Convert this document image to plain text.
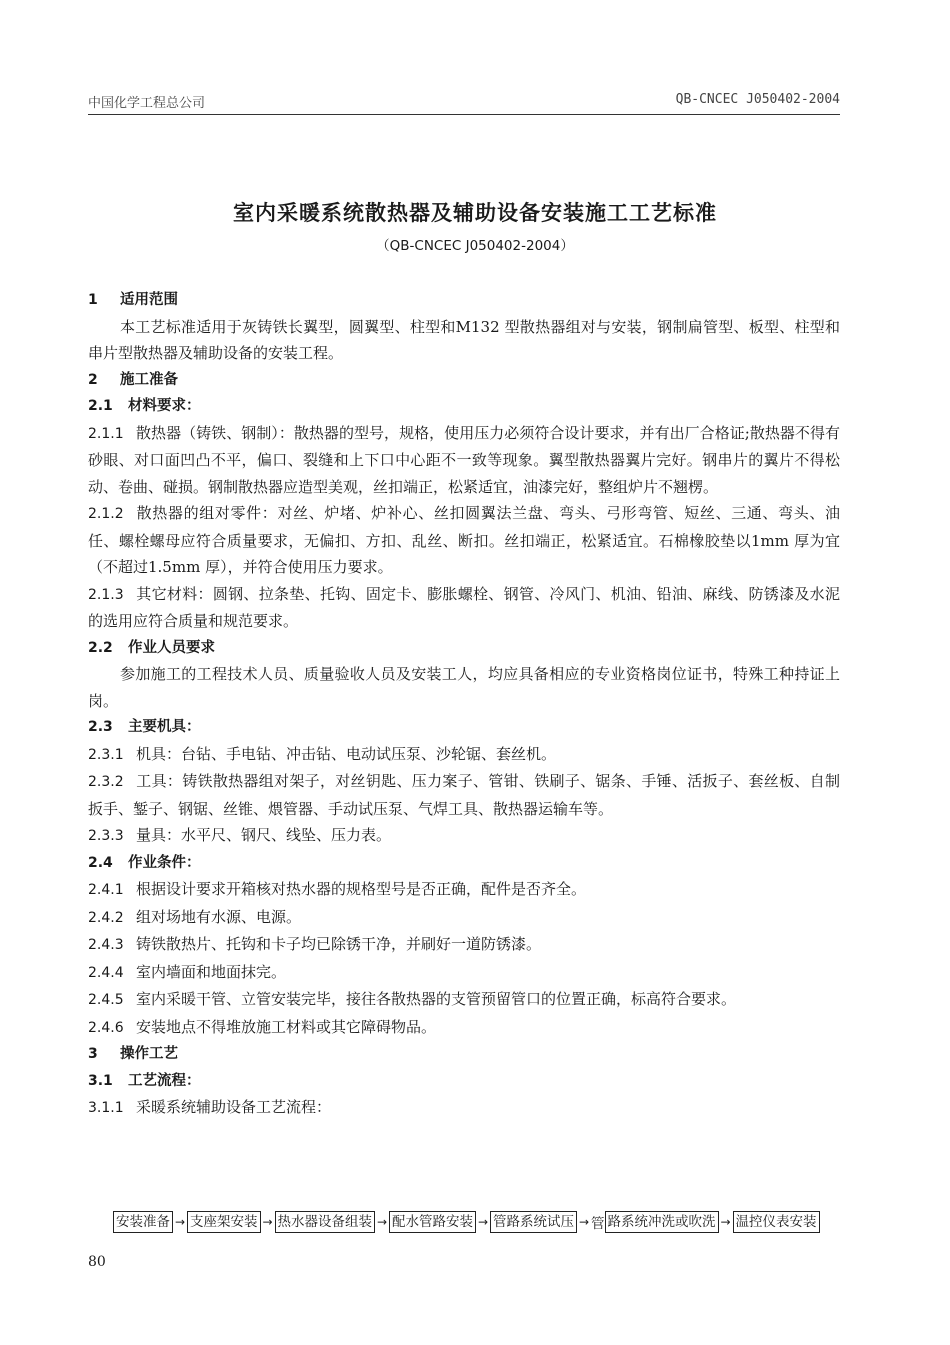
中国化学工程总公司	QB-CNCEC J050402-2004
室内采暖系统散热器及辅助设备安装施工工艺标准
（QB-CNCEC J050402-2004）

1 适用范围

本工艺标准适用于灰铸铁长翼型，圆翼型、柱型和M132 型散热器组对与安装，钢制扁管型、板型、柱型和串片型散热器及辅助设备的安装工程。

2 施工准备

2.1 材料要求：

2.1.1 散热器（铸铁、钢制）：散热器的型号，规格，使用压力必须符合设计要求，并有出厂合格证;散热器不得有砂眼、对口面凹凸不平，偏口、裂缝和上下口中心距不一致等现象。翼型散热器翼片完好。钢串片的翼片不得松动、卷曲、碰损。钢制散热器应造型美观，丝扣端正，松紧适宜，油漆完好，整组炉片不翘楞。

2.1.2 散热器的组对零件：对丝、炉堵、炉补心、丝扣圆翼法兰盘、弯头、弓形弯管、短丝、三通、弯头、油任、螺栓螺母应符合质量要求，无偏扣、方扣、乱丝、断扣。丝扣端正，松紧适宜。石棉橡胶垫以1mm 厚为宜（不超过1.5mm 厚），并符合使用压力要求。

2.1.3 其它材料：圆钢、拉条垫、托钩、固定卡、膨胀螺栓、钢管、冷风门、机油、铅油、麻线、防锈漆及水泥的选用应符合质量和规范要求。

2.2 作业人员要求

参加施工的工程技术人员、质量验收人员及安装工人，均应具备相应的专业资格岗位证书，特殊工种持证上岗。

2.3 主要机具：

2.3.1 机具：台钻、手电钻、冲击钻、电动试压泵、沙轮锯、套丝机。

2.3.2 工具：铸铁散热器组对架子，对丝钥匙、压力案子、管钳、铁刷子、锯条、手锤、活扳子、套丝板、自制扳手、錾子、钢锯、丝锥、煨管器、手动试压泵、气焊工具、散热器运输车等。

2.3.3 量具：水平尺、钢尺、线坠、压力表。

2.4 作业条件：

2.4.1 根据设计要求开箱核对热水器的规格型号是否正确，配件是否齐全。

2.4.2 组对场地有水源、电源。

2.4.3 铸铁散热片、托钩和卡子均已除锈干净，并刷好一道防锈漆。

2.4.4 室内墙面和地面抹完。

2.4.5 室内采暖干管、立管安装完毕，接往各散热器的支管预留管口的位置正确，标高符合要求。

2.4.6 安装地点不得堆放施工材料或其它障碍物品。

3 操作工艺

3.1 工艺流程：

3.1.1 采暖系统辅助设备工艺流程：

安装准备 → 支座架安装 → 热水器设备组装 → 配水管路安装 → 管路系统试压 → 管 路系统冲洗或吹洗 → 温控仪表安装
80
